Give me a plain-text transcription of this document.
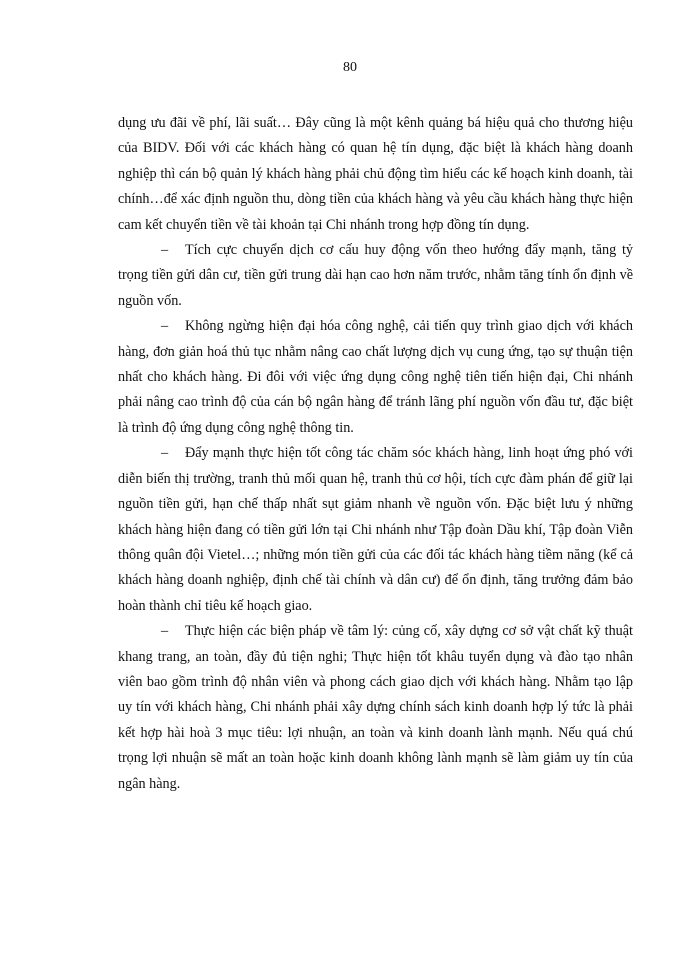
80

dụng ưu đãi về phí, lãi suất… Đây cũng là một kênh quảng bá hiệu quả cho thương hiệu của BIDV. Đối với các khách hàng có quan hệ tín dụng, đặc biệt là khách hàng doanh nghiệp thì cán bộ quản lý khách hàng phải chủ động tìm hiểu các kế hoạch kinh doanh, tài chính…để xác định nguồn thu, dòng tiền của khách hàng và yêu cầu khách hàng thực hiện cam kết chuyển tiền về tài khoản tại Chi nhánh trong hợp đồng tín dụng.

– Tích cực chuyển dịch cơ cấu huy động vốn theo hướng đẩy mạnh, tăng tỷ trọng tiền gửi dân cư, tiền gửi trung dài hạn cao hơn năm trước, nhằm tăng tính ổn định về nguồn vốn.

– Không ngừng hiện đại hóa công nghệ, cải tiến quy trình giao dịch với khách hàng, đơn giản hoá thủ tục nhằm nâng cao chất lượng dịch vụ cung ứng, tạo sự thuận tiện nhất cho khách hàng. Đi đôi với việc ứng dụng công nghệ tiên tiến hiện đại, Chi nhánh phải nâng cao trình độ của cán bộ ngân hàng để tránh lãng phí nguồn vốn đầu tư, đặc biệt là trình độ ứng dụng công nghệ thông tin.

– Đẩy mạnh thực hiện tốt công tác chăm sóc khách hàng, linh hoạt ứng phó với diễn biến thị trường, tranh thủ mối quan hệ, tranh thủ cơ hội, tích cực đàm phán để giữ lại nguồn tiền gửi, hạn chế thấp nhất sụt giảm nhanh về nguồn vốn. Đặc biệt lưu ý những khách hàng hiện đang có tiền gửi lớn tại Chi nhánh như Tập đoàn Dầu khí, Tập đoàn Viễn thông quân đội Vietel…; những món tiền gửi của các đối tác khách hàng tiềm năng (kể cả khách hàng doanh nghiệp, định chế tài chính và dân cư) để ổn định, tăng trưởng đảm bảo hoàn thành chỉ tiêu kế hoạch giao.

– Thực hiện các biện pháp về tâm lý: củng cố, xây dựng cơ sở vật chất kỹ thuật khang trang, an toàn, đầy đủ tiện nghi; Thực hiện tốt khâu tuyển dụng và đào tạo nhân viên bao gồm trình độ nhân viên và phong cách giao dịch với khách hàng. Nhằm tạo lập uy tín với khách hàng, Chi nhánh phải xây dựng chính sách kinh doanh hợp lý tức là phải kết hợp hài hoà 3 mục tiêu: lợi nhuận, an toàn và kinh doanh lành mạnh. Nếu quá chú trọng lợi nhuận sẽ mất an toàn hoặc kinh doanh không lành mạnh sẽ làm giảm uy tín của ngân hàng.
